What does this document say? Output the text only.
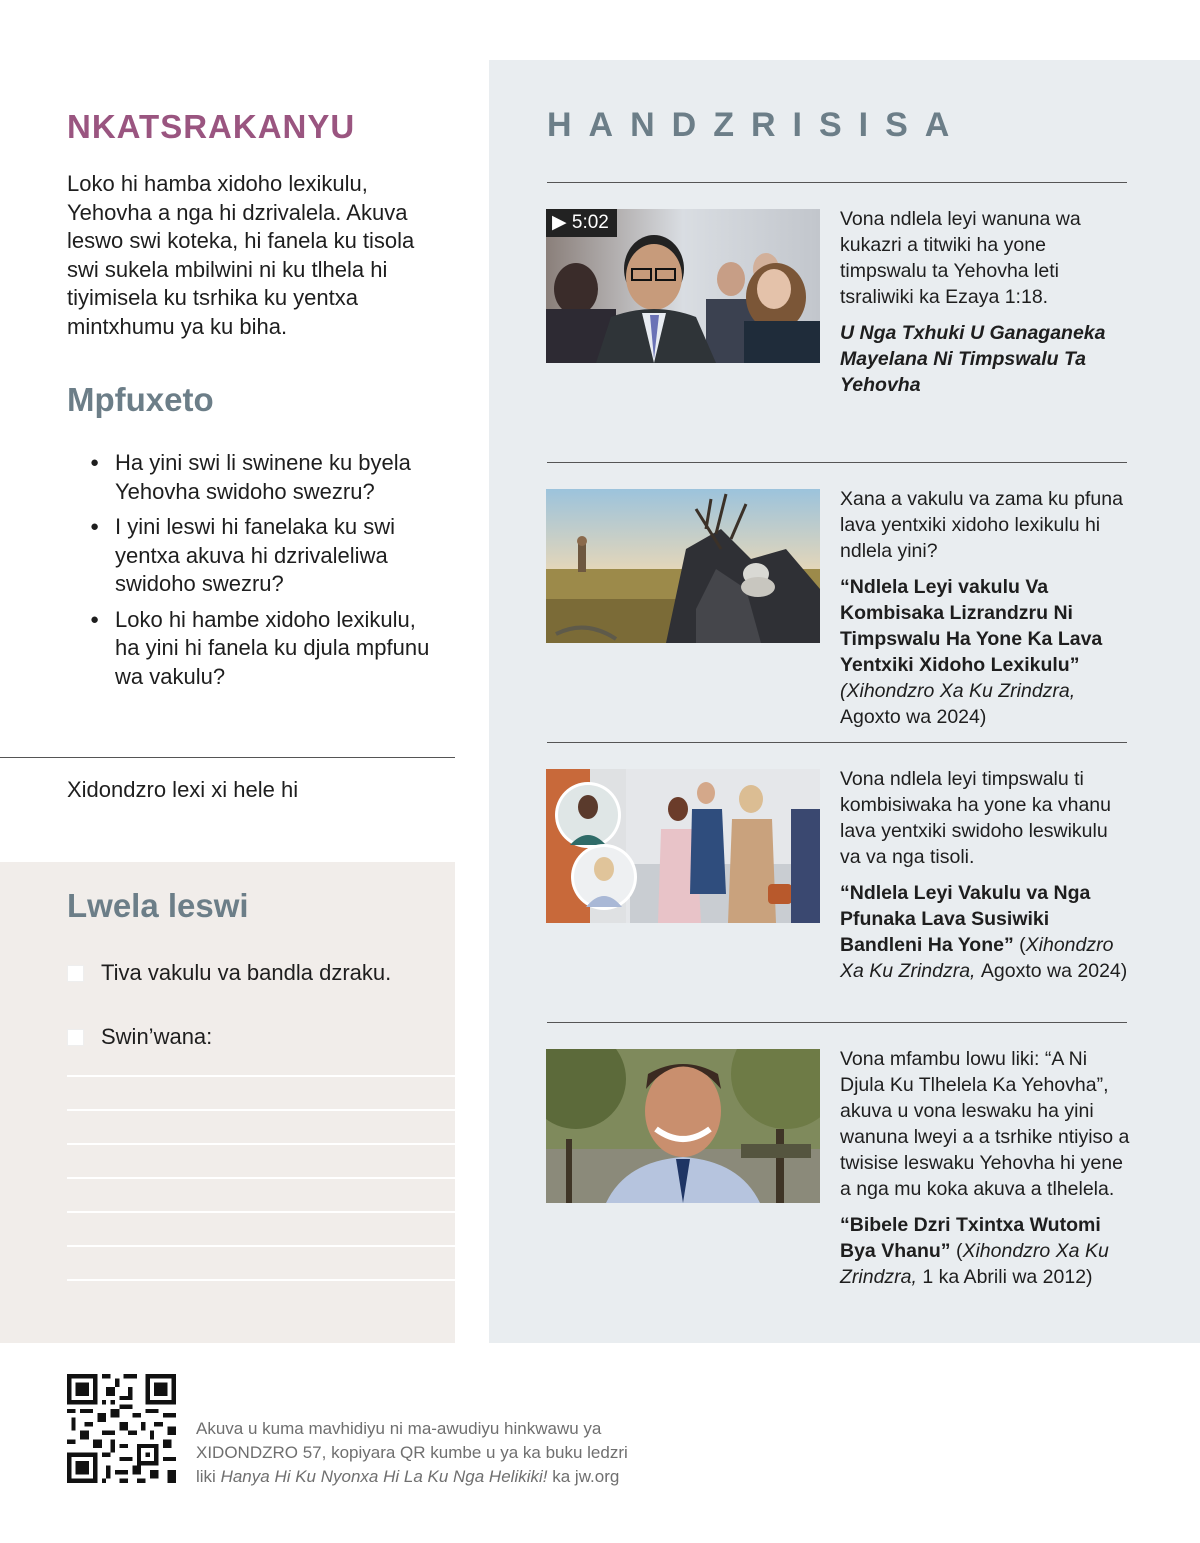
NKATSRAKANYU

Loko hi hamba xidoho lexikulu, Yehovha a nga hi dzrivalela. Akuva leswo swi koteka, hi fanela ku tisola swi sukela mbilwini ni ku tlhela hi tiyimisela ku tsrhika ku yentxa mintxhumu ya ku biha.

Mpfuxeto
● Ha yini swi li swinene ku byela Yehovha swidoho swezru?
● I yini leswi hi fanelaka ku swi yentxa akuva hi dzrivaleliwa swidoho swezru?
● Loko hi hambe xidoho lexikulu, ha yini hi fanela ku djula mpfunu wa vakulu?
Xidondzro lexi xi hele hi
Lwela leswi
Tiva vakulu va bandla dzraku.
Swin’wana:
HANDZRISISA
▶ 5:02	Vona ndlela leyi wanuna wa kukazri a titwiki ha yone timpswalu ta Yehovha leti tsraliwiki ka Ezaya 1:18.

U Nga Txhuki U Ganaganeka Mayelana Ni Timpswalu Ta Yehovha

Xana a vakulu va zama ku pfuna lava yentxiki xidoho lexikulu hi ndlela yini?

“Ndlela Leyi vakulu Va Kombisaka Lizrandzru Ni Timpswalu Ha Yone Ka Lava Yentxiki Xidoho Lexikulu” (Xihondzro Xa Ku Zrindzra, Agoxto wa 2024)

Vona ndlela leyi timpswalu ti kombisiwaka ha yone ka vhanu lava yentxiki swidoho leswikulu va va nga tisoli.

“Ndlela Leyi Vakulu va Nga Pfunaka Lava Susiwiki Bandleni Ha Yone” (Xihondzro Xa Ku Zrindzra, Agoxto wa 2024)

Vona mfambu lowu liki: “A Ni Djula Ku Tlhelela Ka Yehovha”, akuva u vona leswaku ha yini wanuna lweyi a a tsrhike ntiyiso a twisise leswaku Yehovha hi yene a nga mu koka akuva a tlhelela.

“Bibele Dzri Txintxa Wutomi Bya Vhanu” (Xihondzro Xa Ku Zrindzra, 1 ka Abrili wa 2012)

Akuva u kuma mavhidiyu ni ma-awudiyu hinkwawu ya
XIDONDZRO 57, kopiyara QR kumbe u ya ka buku ledzri
liki Hanya Hi Ku Nyonxa Hi La Ku Nga Helikiki! ka jw.org
